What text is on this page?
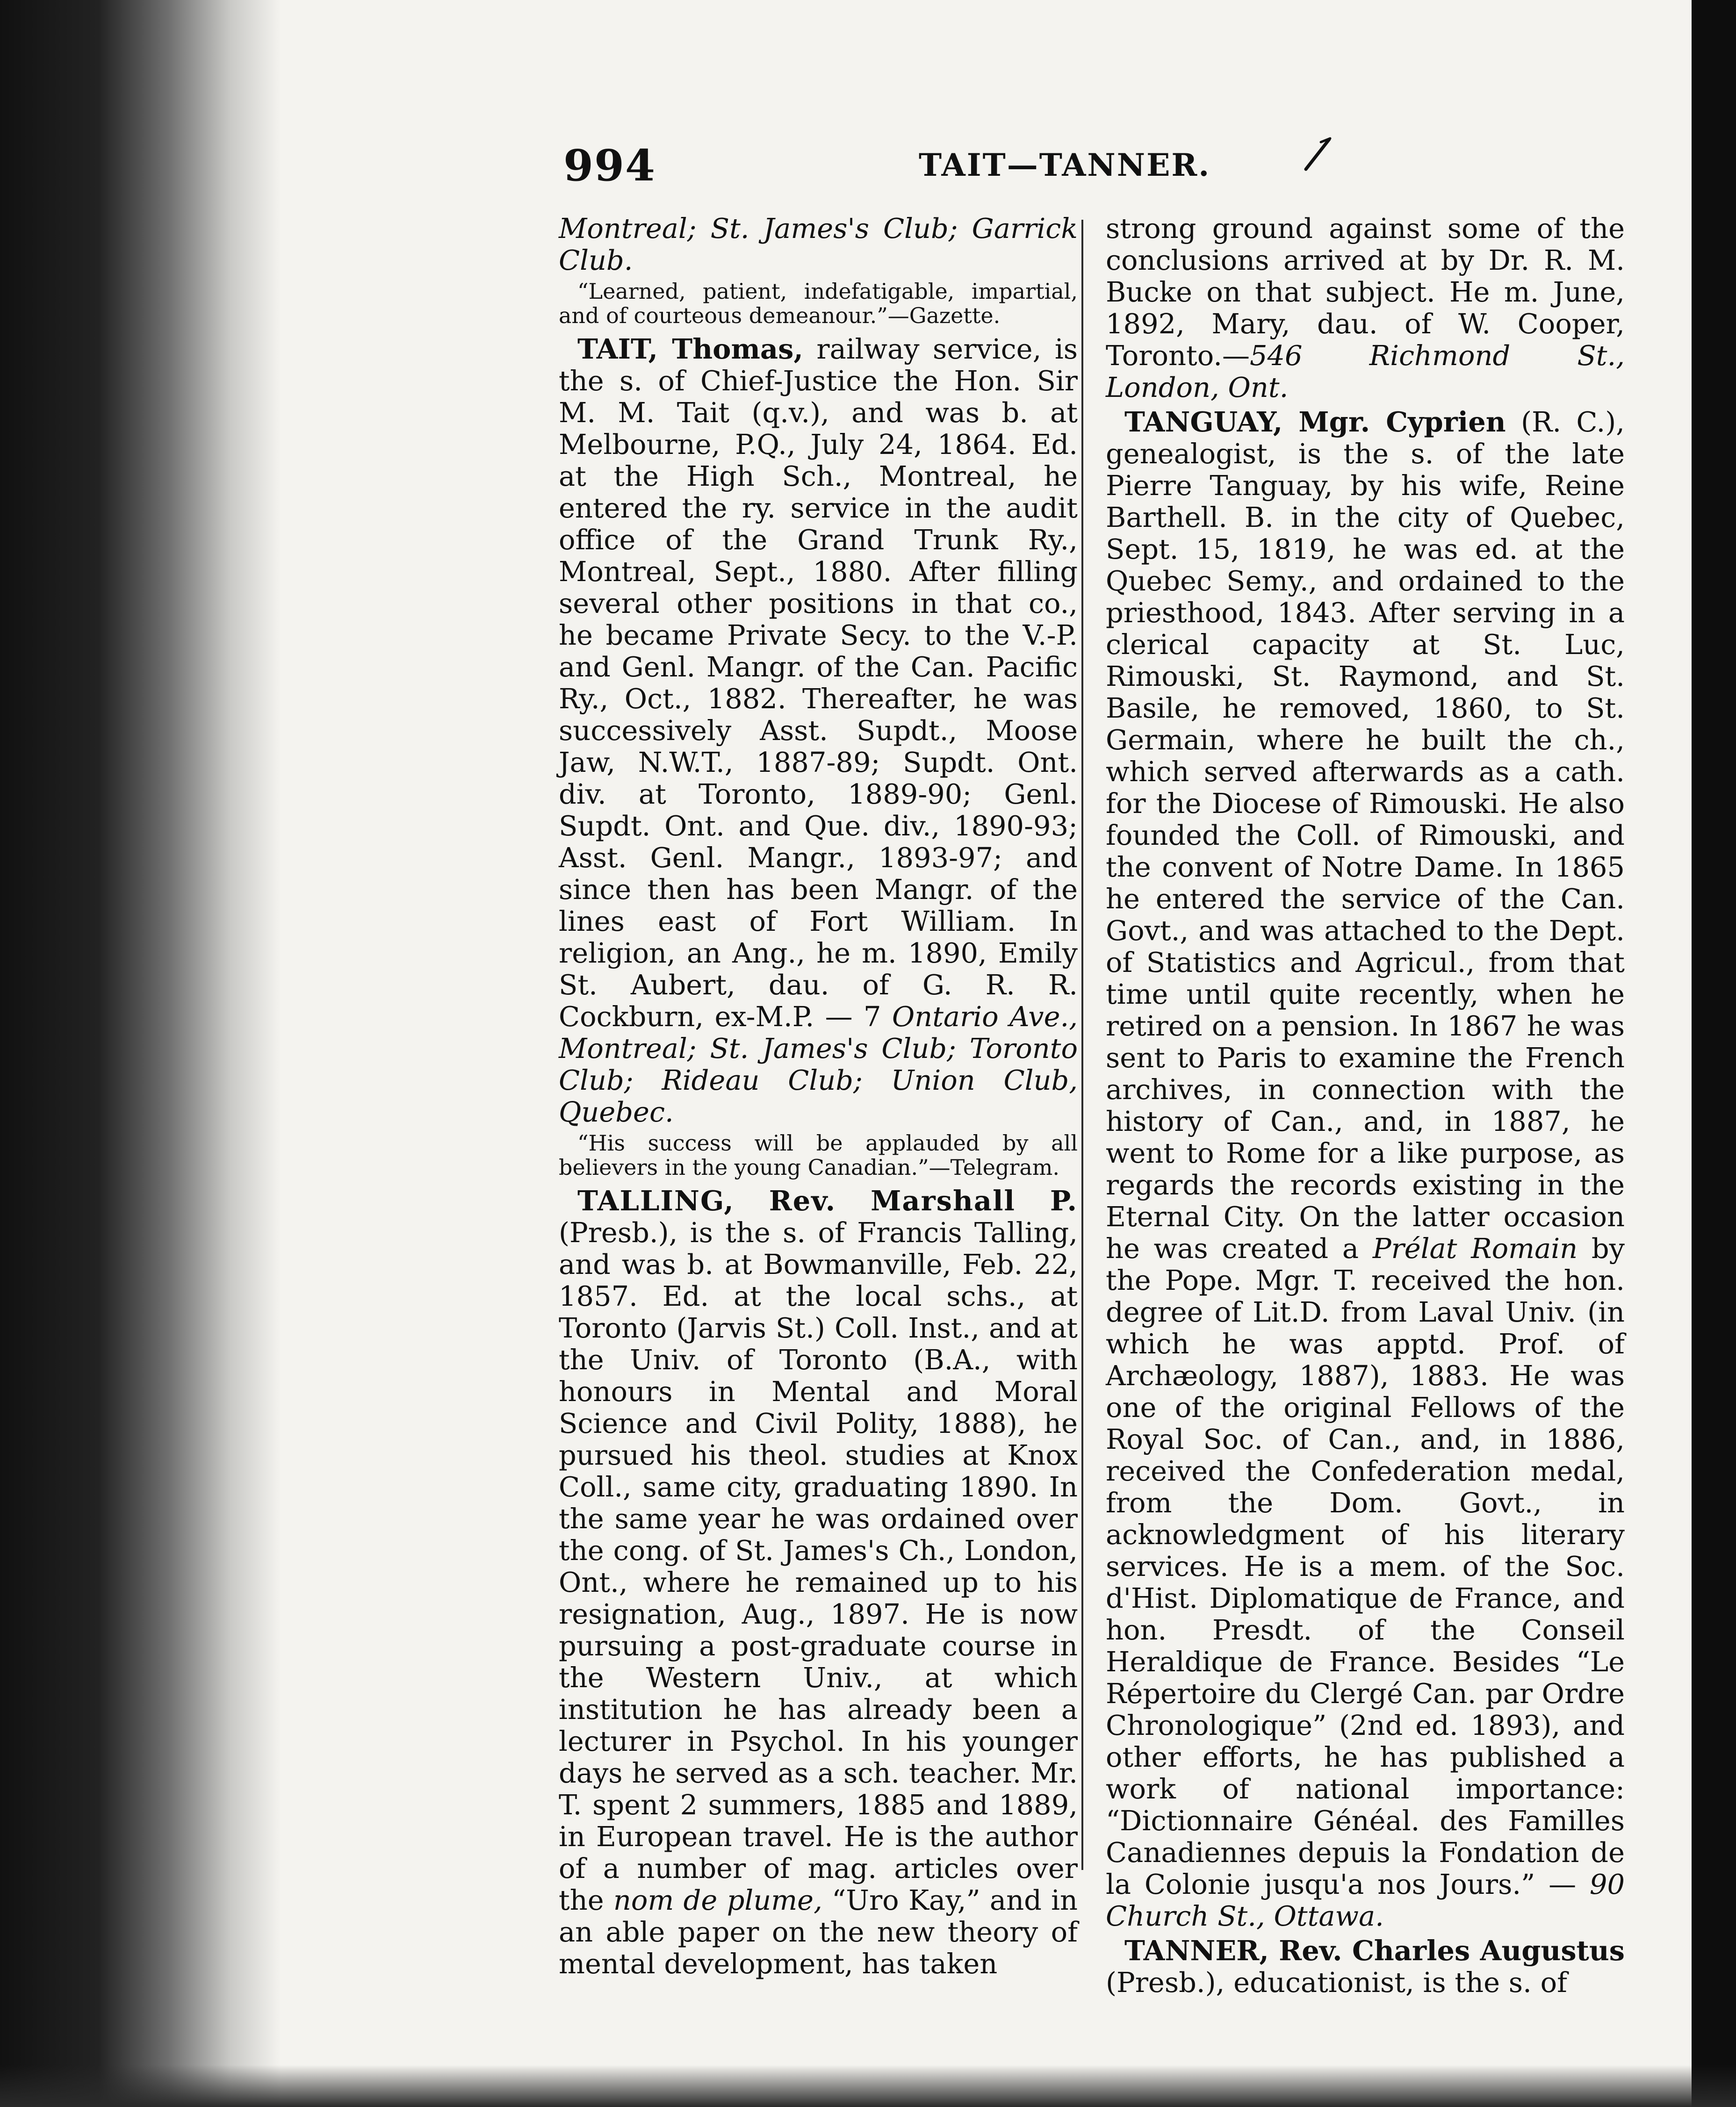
994	TAIT—TANNER.

Montreal; St. James's Club; Garrick Club.

“Learned, patient, indefatigable, impartial, and of courteous demeanour.”—Gazette.

TAIT, Thomas, railway service, is the s. of Chief-Justice the Hon. Sir M. M. Tait (q.v.), and was b. at Melbourne, P.Q., July 24, 1864. Ed. at the High Sch., Montreal, he entered the ry. service in the audit office of the Grand Trunk Ry., Montreal, Sept., 1880. After filling several other positions in that co., he became Private Secy. to the V.-P. and Genl. Mangr. of the Can. Pacific Ry., Oct., 1882. Thereafter, he was successively Asst. Supdt., Moose Jaw, N.W.T., 1887-89; Supdt. Ont. div. at Toronto, 1889-90; Genl. Supdt. Ont. and Que. div., 1890-93; Asst. Genl. Mangr., 1893-97; and since then has been Mangr. of the lines east of Fort William. In religion, an Ang., he m. 1890, Emily St. Aubert, dau. of G. R. R. Cockburn, ex-M.P. — 7 Ontario Ave., Montreal; St. James's Club; Toronto Club; Rideau Club; Union Club, Quebec.

“His success will be applauded by all believers in the young Canadian.”—Telegram.

TALLING, Rev. Marshall P. (Presb.), is the s. of Francis Talling, and was b. at Bowmanville, Feb. 22, 1857. Ed. at the local schs., at Toronto (Jarvis St.) Coll. Inst., and at the Univ. of Toronto (B.A., with honours in Mental and Moral Science and Civil Polity, 1888), he pursued his theol. studies at Knox Coll., same city, graduating 1890. In the same year he was ordained over the cong. of St. James's Ch., London, Ont., where he remained up to his resignation, Aug., 1897. He is now pursuing a post-graduate course in the Western Univ., at which institution he has already been a lecturer in Psychol. In his younger days he served as a sch. teacher. Mr. T. spent 2 summers, 1885 and 1889, in European travel. He is the author of a number of mag. articles over the nom de plume, “Uro Kay,” and in an able paper on the new theory of mental development, has taken

strong ground against some of the conclusions arrived at by Dr. R. M. Bucke on that subject. He m. June, 1892, Mary, dau. of W. Cooper, Toronto.—546 Richmond St., London, Ont.

TANGUAY, Mgr. Cyprien (R. C.), genealogist, is the s. of the late Pierre Tanguay, by his wife, Reine Barthell. B. in the city of Quebec, Sept. 15, 1819, he was ed. at the Quebec Semy., and ordained to the priesthood, 1843. After serving in a clerical capacity at St. Luc, Rimouski, St. Raymond, and St. Basile, he removed, 1860, to St. Germain, where he built the ch., which served afterwards as a cath. for the Diocese of Rimouski. He also founded the Coll. of Rimouski, and the convent of Notre Dame. In 1865 he entered the service of the Can. Govt., and was attached to the Dept. of Statistics and Agricul., from that time until quite recently, when he retired on a pension. In 1867 he was sent to Paris to examine the French archives, in connection with the history of Can., and, in 1887, he went to Rome for a like purpose, as regards the records existing in the Eternal City. On the latter occasion he was created a Prélat Romain by the Pope. Mgr. T. received the hon. degree of Lit.D. from Laval Univ. (in which he was apptd. Prof. of Archæology, 1887), 1883. He was one of the original Fellows of the Royal Soc. of Can., and, in 1886, received the Confederation medal, from the Dom. Govt., in acknowledgment of his literary services. He is a mem. of the Soc. d'Hist. Diplomatique de France, and hon. Presdt. of the Conseil Heraldique de France. Besides “Le Répertoire du Clergé Can. par Ordre Chronologique” (2nd ed. 1893), and other efforts, he has published a work of national importance: “Dictionnaire Généal. des Familles Canadiennes depuis la Fondation de la Colonie jusqu'a nos Jours.” — 90 Church St., Ottawa.

TANNER, Rev. Charles Augustus (Presb.), educationist, is the s. of
